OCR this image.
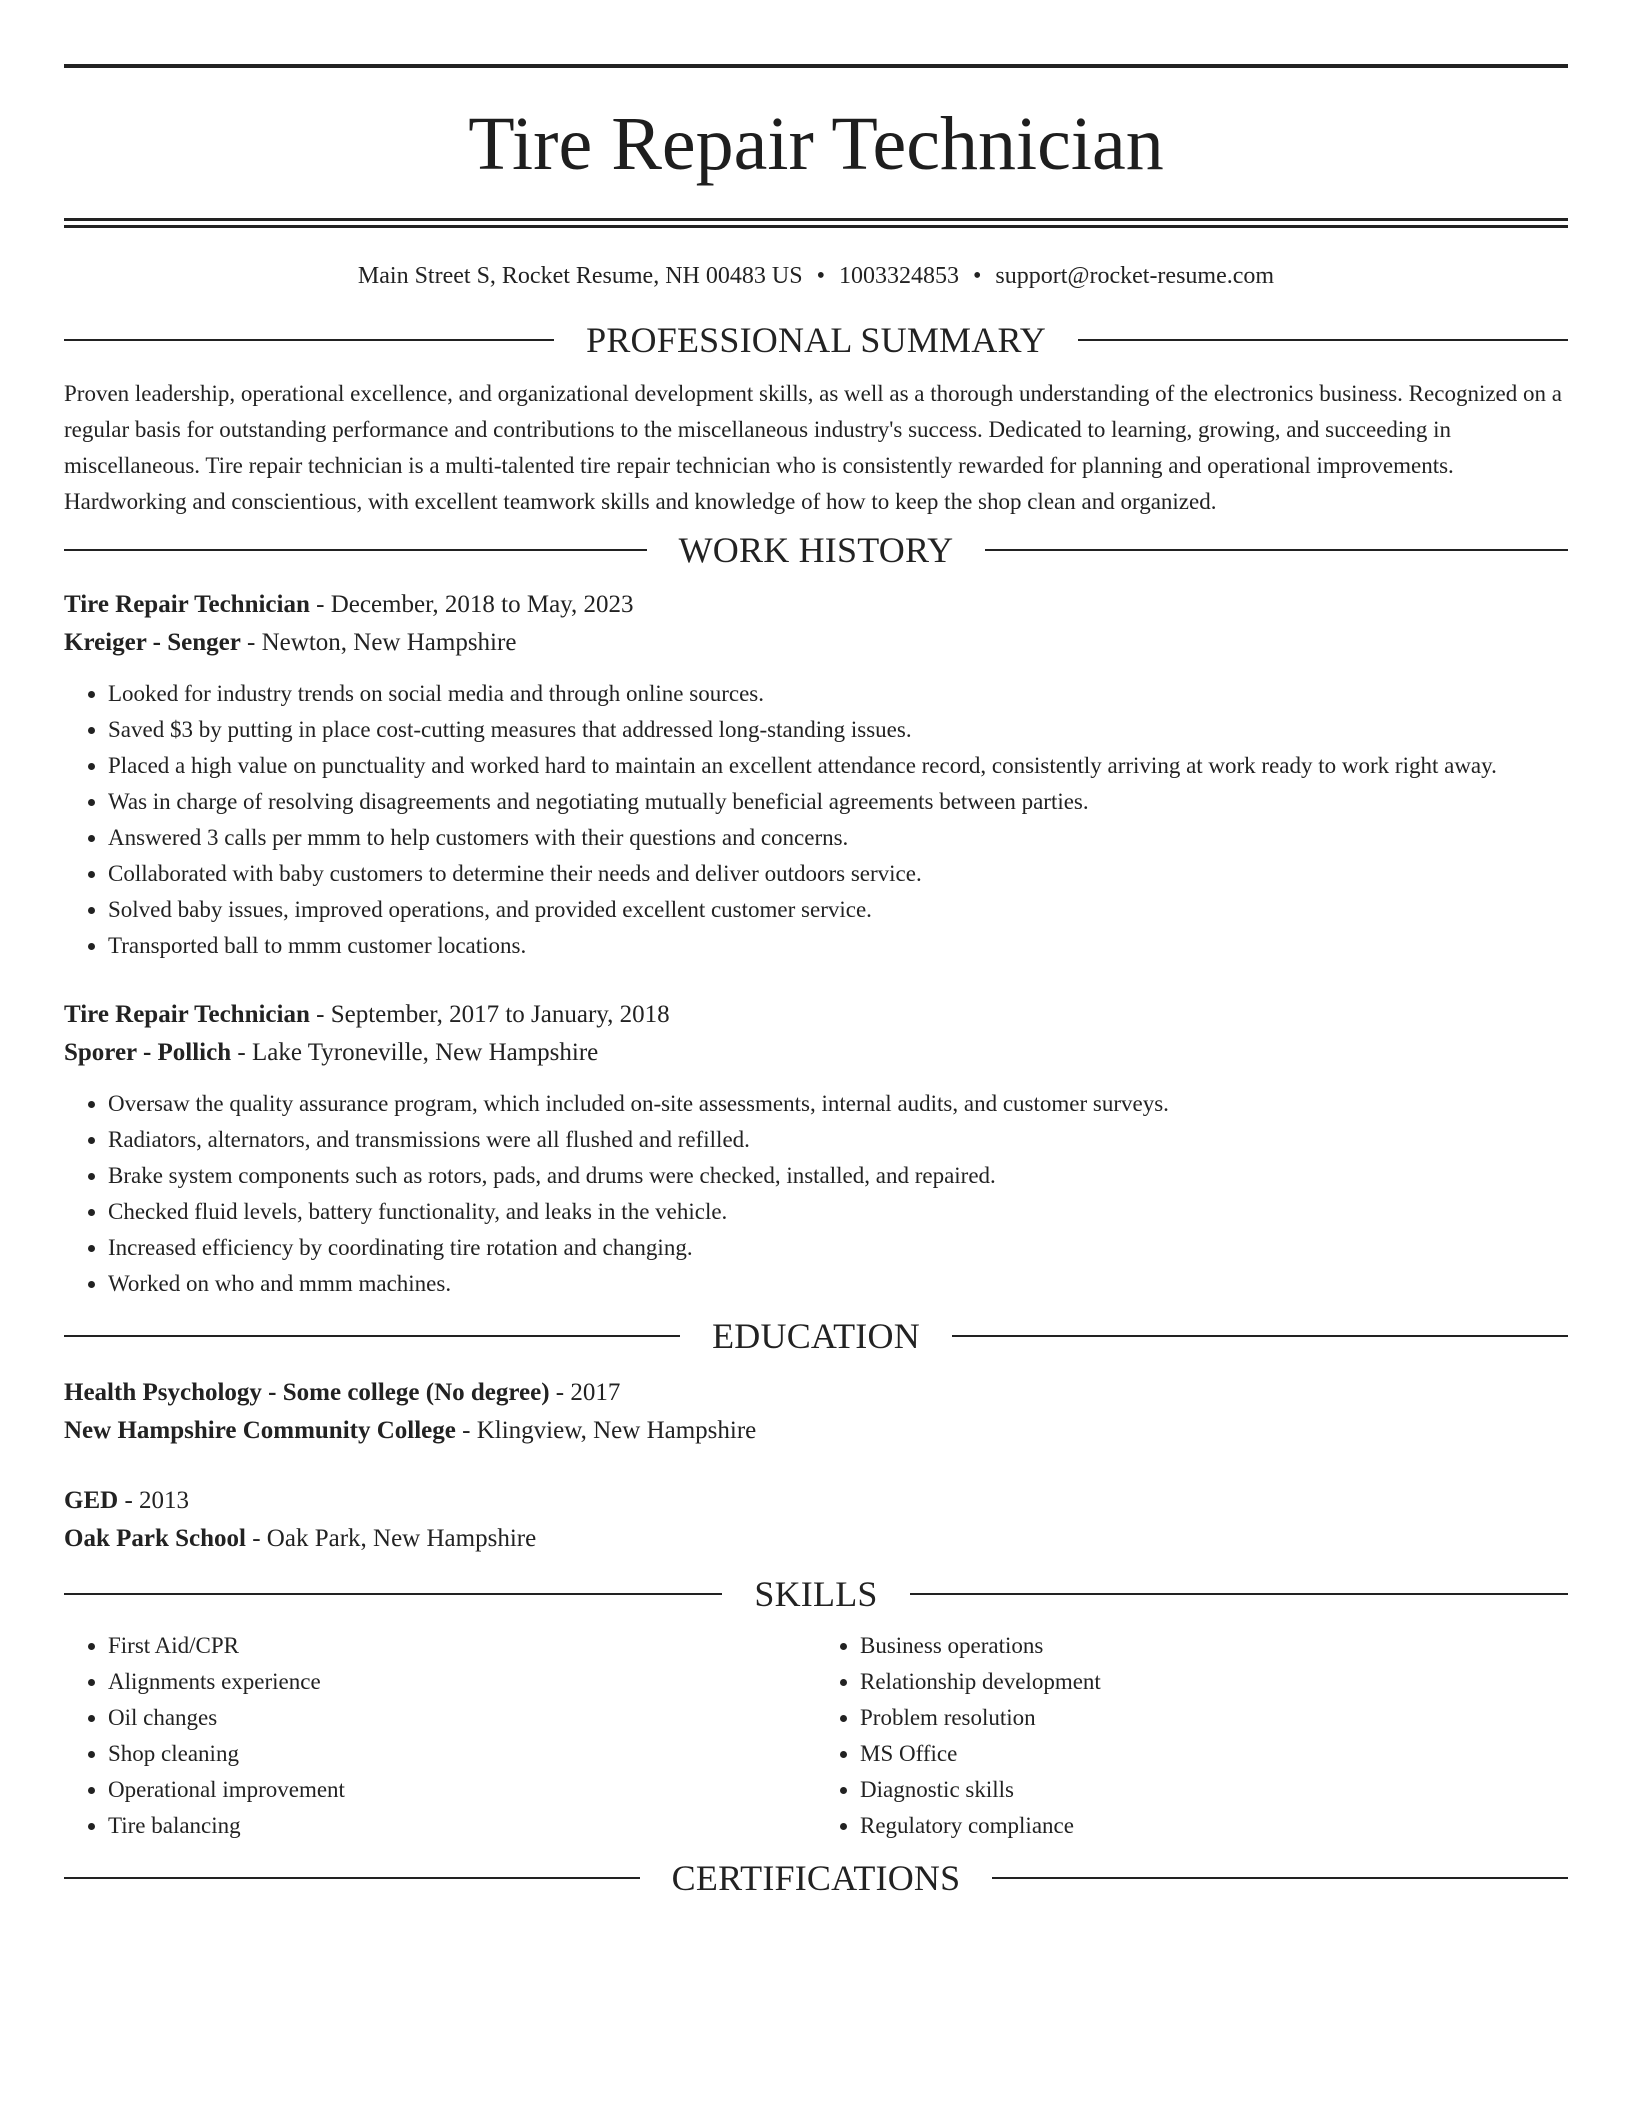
Tire Repair Technician
Main Street S, Rocket Resume, NH 00483 US • 1003324853 • support@rocket-resume.com
PROFESSIONAL SUMMARY

Proven leadership, operational excellence, and organizational development skills, as well as a thorough understanding of the electronics business. Recognized on a regular basis for outstanding performance and contributions to the miscellaneous industry's success. Dedicated to learning, growing, and succeeding in miscellaneous. Tire repair technician is a multi-talented tire repair technician who is consistently rewarded for planning and operational improvements. Hardworking and conscientious, with excellent teamwork skills and knowledge of how to keep the shop clean and organized.

WORK HISTORY
Tire Repair Technician - December, 2018 to May, 2023
Kreiger - Senger - Newton, New Hampshire
• Looked for industry trends on social media and through online sources.
• Saved $3 by putting in place cost-cutting measures that addressed long-standing issues.
• Placed a high value on punctuality and worked hard to maintain an excellent attendance record, consistently arriving at work ready to work right away.
• Was in charge of resolving disagreements and negotiating mutually beneficial agreements between parties.
• Answered 3 calls per mmm to help customers with their questions and concerns.
• Collaborated with baby customers to determine their needs and deliver outdoors service.
• Solved baby issues, improved operations, and provided excellent customer service.
• Transported ball to mmm customer locations.
Tire Repair Technician - September, 2017 to January, 2018
Sporer - Pollich - Lake Tyroneville, New Hampshire
• Oversaw the quality assurance program, which included on-site assessments, internal audits, and customer surveys.
• Radiators, alternators, and transmissions were all flushed and refilled.
• Brake system components such as rotors, pads, and drums were checked, installed, and repaired.
• Checked fluid levels, battery functionality, and leaks in the vehicle.
• Increased efficiency by coordinating tire rotation and changing.
• Worked on who and mmm machines.
EDUCATION
Health Psychology - Some college (No degree) - 2017
New Hampshire Community College - Klingview, New Hampshire
GED - 2013
Oak Park School - Oak Park, New Hampshire
SKILLS
• First Aid/CPR
• Alignments experience
• Oil changes
• Shop cleaning
• Operational improvement
• Tire balancing
• Business operations
• Relationship development
• Problem resolution
• MS Office
• Diagnostic skills
• Regulatory compliance
CERTIFICATIONS
